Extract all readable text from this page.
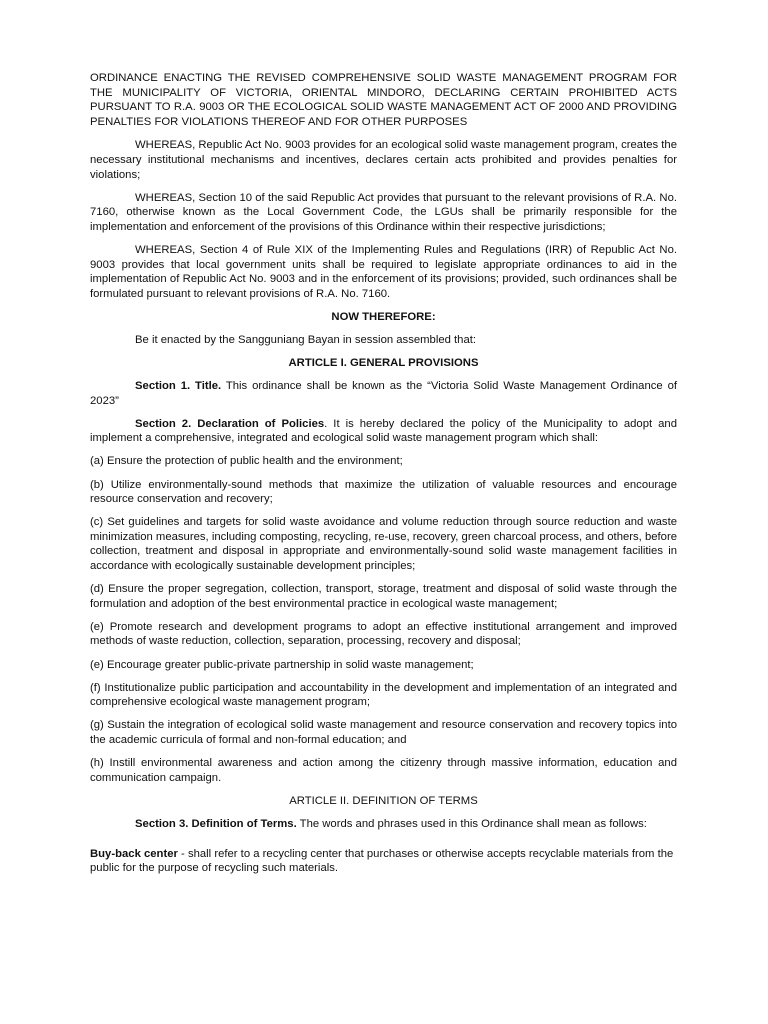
ORDINANCE ENACTING THE REVISED COMPREHENSIVE SOLID WASTE MANAGEMENT PROGRAM FOR THE MUNICIPALITY OF VICTORIA, ORIENTAL MINDORO, DECLARING CERTAIN PROHIBITED ACTS PURSUANT TO R.A. 9003 OR THE ECOLOGICAL SOLID WASTE MANAGEMENT ACT OF 2000 AND PROVIDING PENALTIES FOR VIOLATIONS THEREOF AND FOR OTHER PURPOSES

WHEREAS, Republic Act No. 9003 provides for an ecological solid waste management program, creates the necessary institutional mechanisms and incentives, declares certain acts prohibited and provides penalties for violations;

WHEREAS, Section 10 of the said Republic Act provides that pursuant to the relevant provisions of R.A. No. 7160, otherwise known as the Local Government Code, the LGUs shall be primarily responsible for the implementation and enforcement of the provisions of this Ordinance within their respective jurisdictions;

WHEREAS, Section 4 of Rule XIX of the Implementing Rules and Regulations (IRR) of Republic Act No. 9003 provides that local government units shall be required to legislate appropriate ordinances to aid in the implementation of Republic Act No. 9003 and in the enforcement of its provisions; provided, such ordinances shall be formulated pursuant to relevant provisions of R.A. No. 7160.

NOW THEREFORE:

Be it enacted by the Sangguniang Bayan in session assembled that:

ARTICLE I. GENERAL PROVISIONS

Section 1. Title. This ordinance shall be known as the “Victoria Solid Waste Management Ordinance of 2023”

Section 2. Declaration of Policies. It is hereby declared the policy of the Municipality to adopt and implement a comprehensive, integrated and ecological solid waste management program which shall:

(a) Ensure the protection of public health and the environment;

(b) Utilize environmentally-sound methods that maximize the utilization of valuable resources and encourage resource conservation and recovery;

(c) Set guidelines and targets for solid waste avoidance and volume reduction through source reduction and waste minimization measures, including composting, recycling, re-use, recovery, green charcoal process, and others, before collection, treatment and disposal in appropriate and environmentally-sound solid waste management facilities in accordance with ecologically sustainable development principles;

(d) Ensure the proper segregation, collection, transport, storage, treatment and disposal of solid waste through the formulation and adoption of the best environmental practice in ecological waste management;

(e) Promote research and development programs to adopt an effective institutional arrangement and improved methods of waste reduction, collection, separation, processing, recovery and disposal;

(e) Encourage greater public-private partnership in solid waste management;

(f) Institutionalize public participation and accountability in the development and implementation of an integrated and comprehensive ecological waste management program;

(g) Sustain the integration of ecological solid waste management and resource conservation and recovery topics into the academic curricula of formal and non-formal education; and

(h) Instill environmental awareness and action among the citizenry through massive information, education and communication campaign.

ARTICLE II. DEFINITION OF TERMS

Section 3. Definition of Terms. The words and phrases used in this Ordinance shall mean as follows:

Buy-back center - shall refer to a recycling center that purchases or otherwise accepts recyclable materials from the public for the purpose of recycling such materials.
